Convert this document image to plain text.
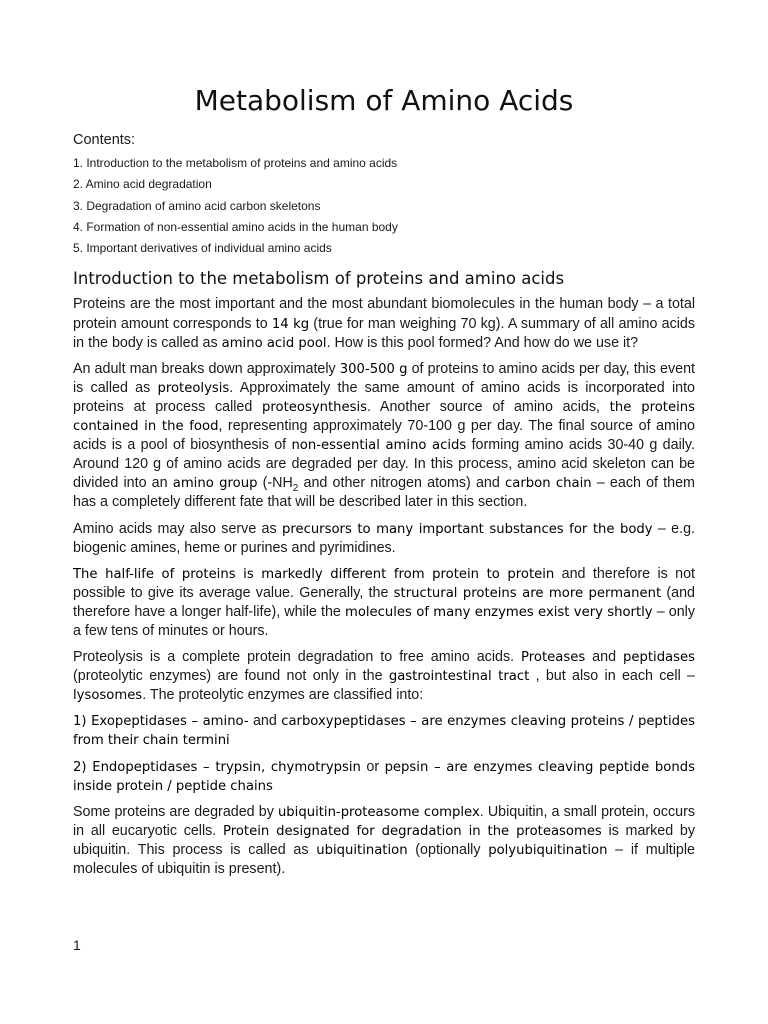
Metabolism of Amino Acids
Contents:
1. Introduction to the metabolism of proteins and amino acids
2. Amino acid degradation
3. Degradation of amino acid carbon skeletons
4. Formation of non-essential amino acids in the human body
5. Important derivatives of individual amino acids
Introduction to the metabolism of proteins and amino acids

Proteins are the most important and the most abundant biomolecules in the human body – a total protein amount corresponds to 14 kg (true for man weighing 70 kg). A summary of all amino acids in the body is called as amino acid pool. How is this pool formed? And how do we use it?

An adult man breaks down approximately 300-500 g of proteins to amino acids per day, this event is called as proteolysis. Approximately the same amount of amino acids is incorporated into proteins at process called proteosynthesis. Another source of amino acids, the proteins contained in the food, representing approximately 70-100 g per day. The final source of amino acids is a pool of biosynthesis of non-essential amino acids forming amino acids 30-40 g daily. Around 120 g of amino acids are degraded per day. In this process, amino acid skeleton can be divided into an amino group ($-NH_2$ and other nitrogen atoms) and carbon chain – each of them has a completely different fate that will be described later in this section.

Amino acids may also serve as precursors to many important substances for the body – e.g. biogenic amines, heme or purines and pyrimidines.

The half-life of proteins is markedly different from protein to protein and therefore is not possible to give its average value. Generally, the structural proteins are more permanent (and therefore have a longer half-life), while the molecules of many enzymes exist very shortly – only a few tens of minutes or hours.

Proteolysis is a complete protein degradation to free amino acids. Proteases and peptidases (proteolytic enzymes) are found not only in the gastrointestinal tract , but also in each cell – lysosomes. The proteolytic enzymes are classified into:

1) Exopeptidases – amino- and carboxypeptidases – are enzymes cleaving proteins / peptides from their chain termini

2) Endopeptidases – trypsin, chymotrypsin or pepsin – are enzymes cleaving peptide bonds inside protein / peptide chains

Some proteins are degraded by ubiquitin-proteasome complex. Ubiquitin, a small protein, occurs in all eucaryotic cells. Protein designated for degradation in the proteasomes is marked by ubiquitin. This process is called as ubiquitination (optionally polyubiquitination – if multiple molecules of ubiquitin is present).

1
